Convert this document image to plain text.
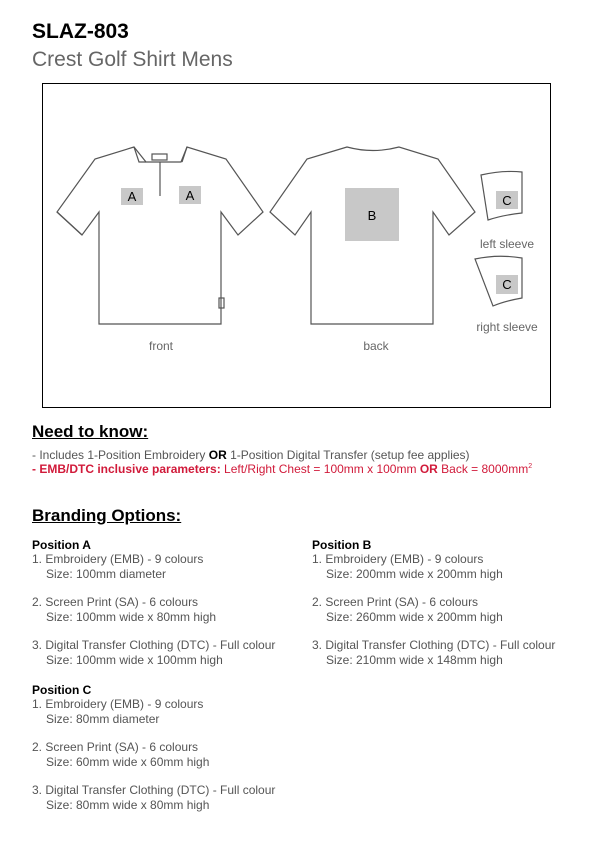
SLAZ-803
Crest Golf Shirt Mens
A	A
B
C
C
front	back
left sleeve
right sleeve
Need to know:
- Includes 1-Position Embroidery OR 1-Position Digital Transfer (setup fee applies)
- EMB/DTC inclusive parameters: Left/Right Chest = 100mm x 100mm OR Back = $8000mm^2$
Branding Options:
Position A
1. Embroidery (EMB) - 9 colours
Size: 100mm diameter
2. Screen Print (SA) - 6 colours
Size: 100mm wide x 80mm high
3. Digital Transfer Clothing (DTC) - Full colour
Size: 100mm wide x 100mm high
Position B
1. Embroidery (EMB) - 9 colours
Size: 200mm wide x 200mm high
2. Screen Print (SA) - 6 colours
Size: 260mm wide x 200mm high
3. Digital Transfer Clothing (DTC) - Full colour
Size: 210mm wide x 148mm high
Position C
1. Embroidery (EMB) - 9 colours
Size: 80mm diameter
2. Screen Print (SA) - 6 colours
Size: 60mm wide x 60mm high
3. Digital Transfer Clothing (DTC) - Full colour
Size: 80mm wide x 80mm high
